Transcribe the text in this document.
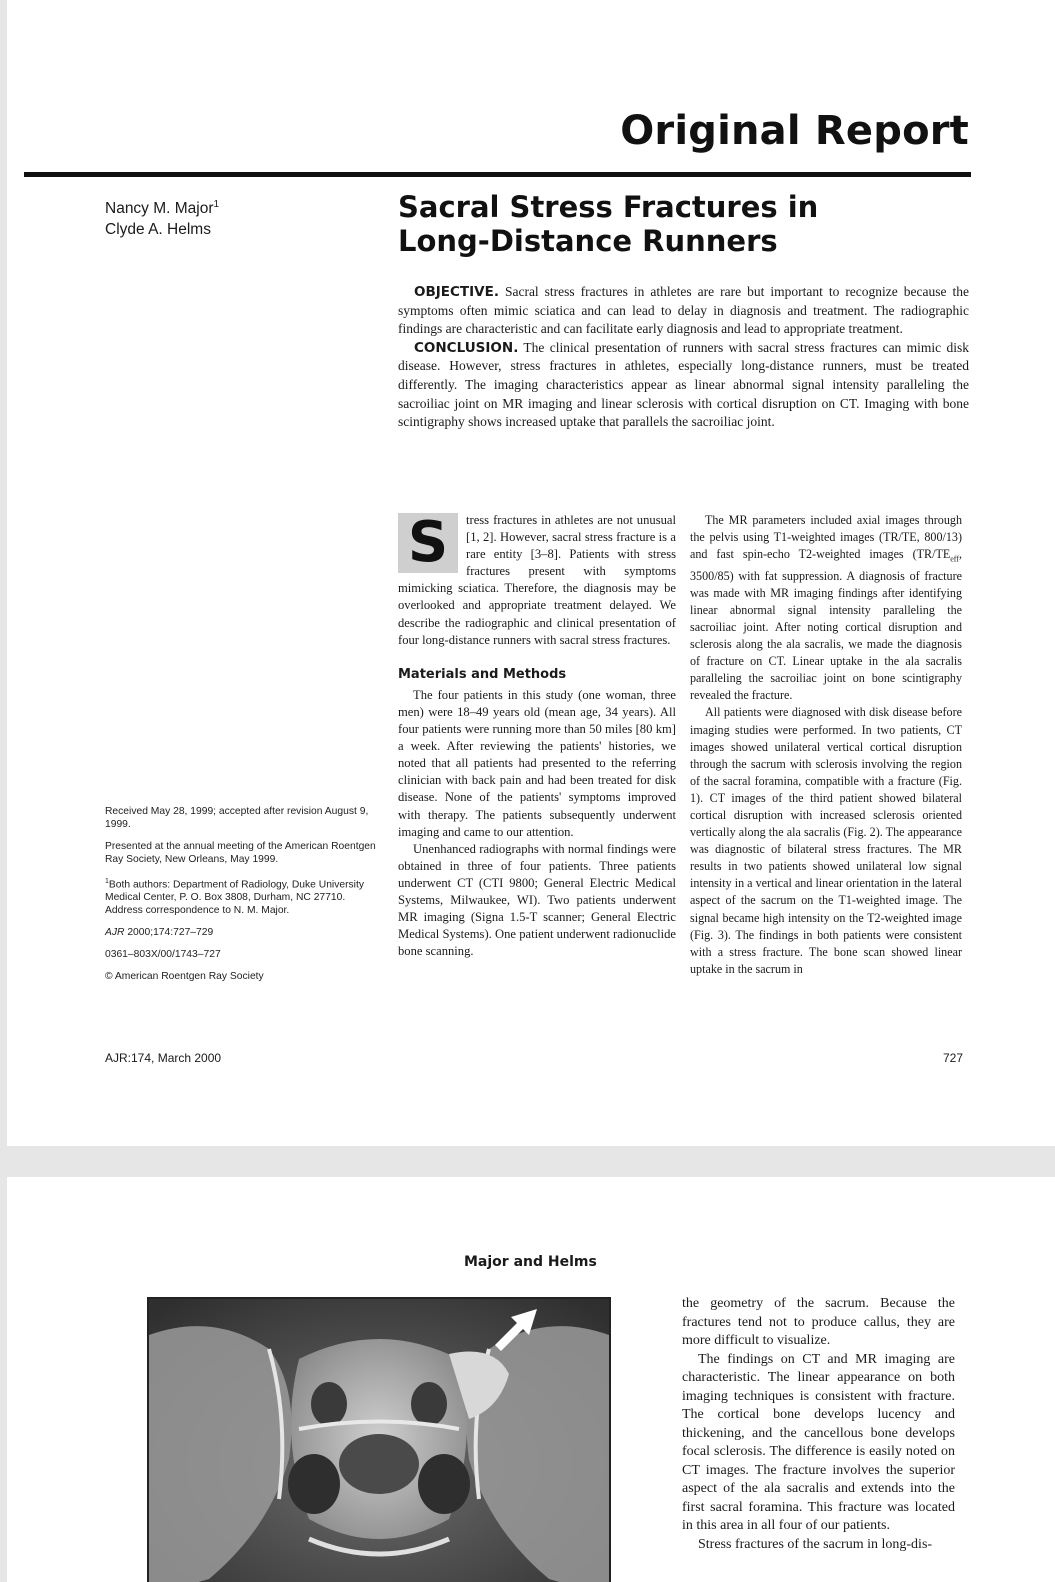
Original Report
Nancy M. Major$^1$
Clyde A. Helms
Sacral Stress Fractures in
Long-Distance Runners

OBJECTIVE. Sacral stress fractures in athletes are rare but important to recognize because the symptoms often mimic sciatica and can lead to delay in diagnosis and treatment. The radiographic findings are characteristic and can facilitate early diagnosis and lead to appropriate treatment.

CONCLUSION. The clinical presentation of runners with sacral stress fractures can mimic disk disease. However, stress fractures in athletes, especially long-distance runners, must be treated differently. The imaging characteristics appear as linear abnormal signal intensity paralleling the sacroiliac joint on MR imaging and linear sclerosis with cortical disruption on CT. Imaging with bone scintigraphy shows increased uptake that parallels the sacroiliac joint.

S	tress fractures in athletes are not unusual [1, 2]. However, sacral stress fracture is a rare entity [3–8]. Patients with stress fractures present with symptoms mimicking sciatica. Therefore, the diagnosis may be overlooked and appropriate treatment delayed. We describe the radiographic and clinical presentation of four long-distance runners with sacral stress fractures.

Materials and Methods

The four patients in this study (one woman, three men) were 18–49 years old (mean age, 34 years). All four patients were running more than 50 miles [80 km] a week. After reviewing the patients' histories, we noted that all patients had presented to the referring clinician with back pain and had been treated for disk disease. None of the patients' symptoms improved with therapy. The patients subsequently underwent imaging and came to our attention.

Unenhanced radiographs with normal findings were obtained in three of four patients. Three patients underwent CT (CTI 9800; General Electric Medical Systems, Milwaukee, WI). Two patients underwent MR imaging (Signa 1.5-T scanner; General Electric Medical Systems). One patient underwent radionuclide bone scanning.

The MR parameters included axial images through the pelvis using T1-weighted images (TR/TE, 800/13) and fast spin-echo T2-weighted images ($TR/TE_{eff}$, 3500/85) with fat suppression. A diagnosis of fracture was made with MR imaging findings after identifying linear abnormal signal intensity paralleling the sacroiliac joint. After noting cortical disruption and sclerosis along the ala sacralis, we made the diagnosis of fracture on CT. Linear uptake in the ala sacralis paralleling the sacroiliac joint on bone scintigraphy revealed the fracture.

All patients were diagnosed with disk disease before imaging studies were performed. In two patients, CT images showed unilateral vertical cortical disruption through the sacrum with sclerosis involving the region of the sacral foramina, compatible with a fracture (Fig. 1). CT images of the third patient showed bilateral cortical disruption with increased sclerosis oriented vertically along the ala sacralis (Fig. 2). The appearance was diagnostic of bilateral stress fractures. The MR results in two patients showed unilateral low signal intensity in a vertical and linear orientation in the lateral aspect of the sacrum on the T1-weighted image. The signal became high intensity on the T2-weighted image (Fig. 3). The findings in both patients were consistent with a stress fracture. The bone scan showed linear uptake in the sacrum in

Received May 28, 1999; accepted after revision August 9, 1999.

Presented at the annual meeting of the American Roentgen Ray Society, New Orleans, May 1999.

$^1$Both authors: Department of Radiology, Duke University Medical Center, P. O. Box 3808, Durham, NC 27710. Address correspondence to N. M. Major.

AJR 2000;174:727–729

0361–803X/00/1743–727

© American Roentgen Ray Society

AJR:174, March 2000	727
Major and Helms

the geometry of the sacrum. Because the fractures tend not to produce callus, they are more difficult to visualize.

The findings on CT and MR imaging are characteristic. The linear appearance on both imaging techniques is consistent with fracture. The cortical bone develops lucency and thickening, and the cancellous bone develops focal sclerosis. The difference is easily noted on CT images. The fracture involves the superior aspect of the ala sacralis and extends into the first sacral foramina. This fracture was located in this area in all four of our patients.

Stress fractures of the sacrum in long-dis-
